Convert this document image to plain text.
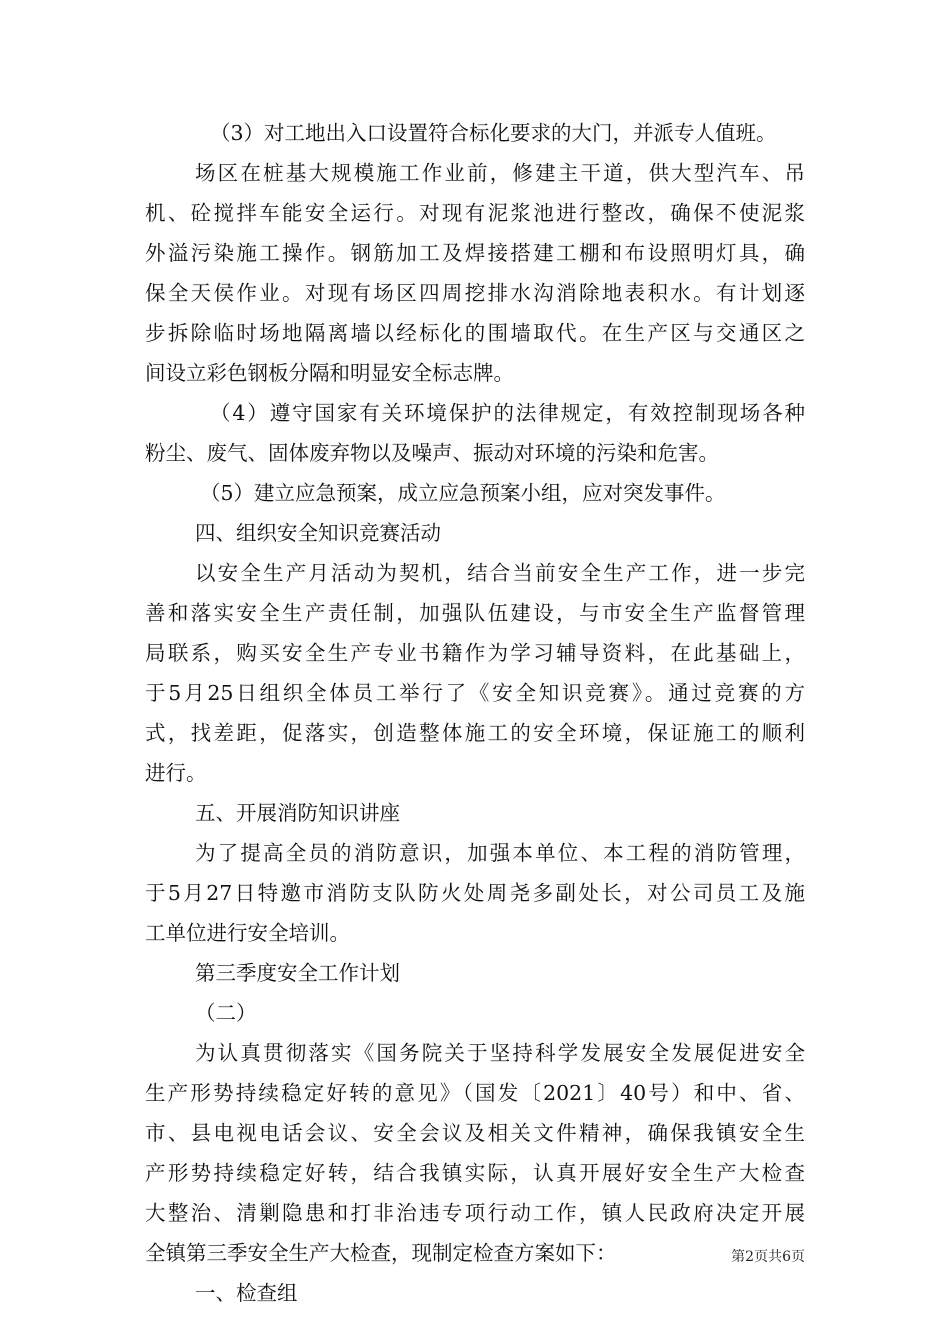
（3）对工地出入口设置符合标化要求的大门，并派专人值班。
场区在桩基大规模施工作业前，修建主干道，供大型汽车、吊
机、砼搅拌车能安全运行。对现有泥浆池进行整改，确保不使泥浆
外溢污染施工操作。钢筋加工及焊接搭建工棚和布设照明灯具，确
保全天侯作业。对现有场区四周挖排水沟消除地表积水。有计划逐
步拆除临时场地隔离墙以经标化的围墙取代。在生产区与交通区之
间设立彩色钢板分隔和明显安全标志牌。
（4）遵守国家有关环境保护的法律规定，有效控制现场各种
粉尘、废气、固体废弃物以及噪声、振动对环境的污染和危害。
（5）建立应急预案，成立应急预案小组，应对突发事件。
四、组织安全知识竞赛活动
以安全生产月活动为契机，结合当前安全生产工作，进一步完
善和落实安全生产责任制，加强队伍建设，与市安全生产监督管理
局联系，购买安全生产专业书籍作为学习辅导资料，在此基础上，
于5月25日组织全体员工举行了《安全知识竞赛》。通过竞赛的方
式，找差距，促落实，创造整体施工的安全环境，保证施工的顺利
进行。
五、开展消防知识讲座
为了提高全员的消防意识，加强本单位、本工程的消防管理，
于5月27日特邀市消防支队防火处周尧多副处长，对公司员工及施
工单位进行安全培训。
第三季度安全工作计划
（二）
为认真贯彻落实《国务院关于坚持科学发展安全发展促进安全
生产形势持续稳定好转的意见》（国发〔2021〕40号）和中、省、
市、县电视电话会议、安全会议及相关文件精神，确保我镇安全生
产形势持续稳定好转，结合我镇实际，认真开展好安全生产大检查
大整治、清剿隐患和打非治违专项行动工作，镇人民政府决定开展
全镇第三季安全生产大检查，现制定检查方案如下：
一、检查组
第2页共6页
